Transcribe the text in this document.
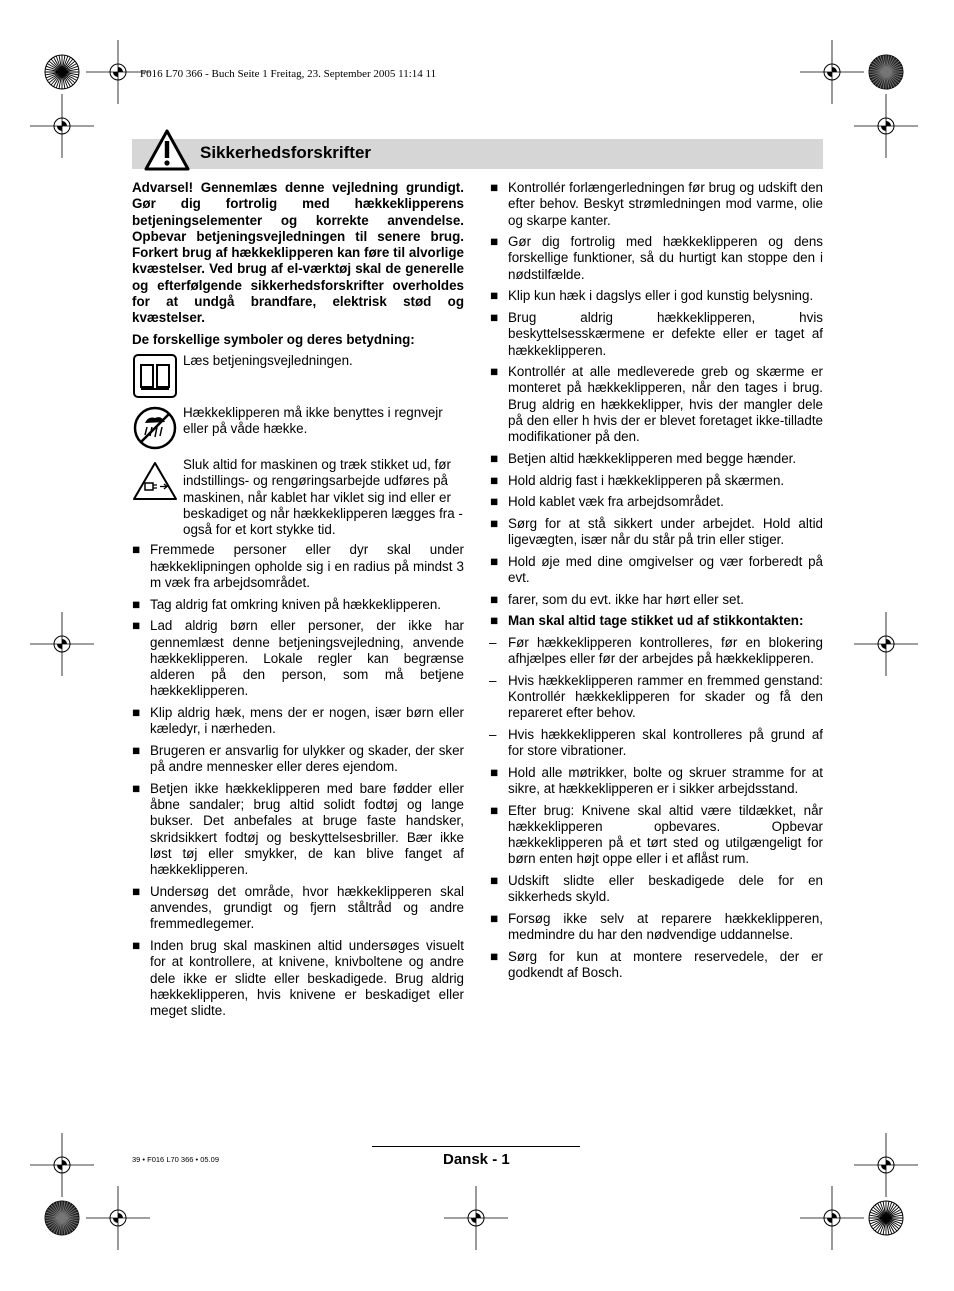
F016 L70 366 - Buch Seite 1 Freitag, 23. September 2005 11:14 11
Sikkerhedsforskrifter

Advarsel! Gennemlæs denne vejledning grundigt. Gør dig fortrolig med hækkeklipperens betjeningselementer og korrekte anvendelse. Opbevar betjeningsvejledningen til senere brug. Forkert brug af hækkeklipperen kan føre til alvorlige kvæstelser. Ved brug af el-værktøj skal de generelle og efterfølgende sikkerhedsforskrifter overholdes for at undgå brandfare, elektrisk stød og kvæstelser.

De forskellige symboler og deres betydning:

Læs betjeningsvejledningen.
Hækkeklipperen må ikke benyttes i regnvejr eller på våde hække.
Sluk altid for maskinen og træk stikket ud, før indstillings- og rengøringsarbejde udføres på maskinen, når kablet har viklet sig ind eller er beskadiget og når hækkeklipperen lægges fra - også for et kort stykke tid.
■ Fremmede personer eller dyr skal under hækkeklipningen opholde sig i en radius på mindst 3 m væk fra arbejdsområdet.
■ Tag aldrig fat omkring kniven på hækkeklipperen.
■ Lad aldrig børn eller personer, der ikke har gennemlæst denne betjeningsvejledning, anvende hækkeklipperen. Lokale regler kan begrænse alderen på den person, som må betjene hækkeklipperen.
■ Klip aldrig hæk, mens der er nogen, især børn eller kæledyr, i nærheden.
■ Brugeren er ansvarlig for ulykker og skader, der sker på andre mennesker eller deres ejendom.
■ Betjen ikke hækkeklipperen med bare fødder eller åbne sandaler; brug altid solidt fodtøj og lange bukser. Det anbefales at bruge faste handsker, skridsikkert fodtøj og beskyttelsesbriller. Bær ikke løst tøj eller smykker, de kan blive fanget af hækkeklipperen.
■ Undersøg det område, hvor hækkeklipperen skal anvendes, grundigt og fjern ståltråd og andre fremmedlegemer.
■ Inden brug skal maskinen altid undersøges visuelt for at kontrollere, at knivene, knivboltene og andre dele ikke er slidte eller beskadigede. Brug aldrig hækkeklipperen, hvis knivene er beskadiget eller meget slidte.
■ Kontrollér forlængerledningen før brug og udskift den efter behov. Beskyt strømledningen mod varme, olie og skarpe kanter.
■ Gør dig fortrolig med hækkeklipperen og dens forskellige funktioner, så du hurtigt kan stoppe den i nødstilfælde.
■ Klip kun hæk i dagslys eller i god kunstig belysning.
■ Brug aldrig hækkeklipperen, hvis beskyttelsesskærmene er defekte eller er taget af hækkeklipperen.
■ Kontrollér at alle medleverede greb og skærme er monteret på hækkeklipperen, når den tages i brug. Brug aldrig en hækkeklipper, hvis der mangler dele på den eller h hvis der er blevet foretaget ikke-tilladte modifikationer på den.
■ Betjen altid hækkeklipperen med begge hænder.
■ Hold aldrig fast i hækkeklipperen på skærmen.
■ Hold kablet væk fra arbejdsområdet.
■ Sørg for at stå sikkert under arbejdet. Hold altid ligevægten, især når du står på trin eller stiger.
■ Hold øje med dine omgivelser og vær forberedt på evt.
■ farer, som du evt. ikke har hørt eller set.
■ Man skal altid tage stikket ud af stikkontakten:
– Før hækkeklipperen kontrolleres, før en blokering afhjælpes eller før der arbejdes på hækkeklipperen.
– Hvis hækkeklipperen rammer en fremmed genstand: Kontrollér hækkeklipperen for skader og få den repareret efter behov.
– Hvis hækkeklipperen skal kontrolleres på grund af for store vibrationer.
■ Hold alle møtrikker, bolte og skruer stramme for at sikre, at hækkeklipperen er i sikker arbejdsstand.
■ Efter brug: Knivene skal altid være tildækket, når hækkeklipperen opbevares. Opbevar hækkeklipperen på et tørt sted og utilgængeligt for børn enten højt oppe eller i et aflåst rum.
■ Udskift slidte eller beskadigede dele for en sikkerheds skyld.
■ Forsøg ikke selv at reparere hækkeklipperen, medmindre du har den nødvendige uddannelse.
■ Sørg for kun at montere reservedele, der er godkendt af Bosch.
39 • F016 L70 366 • 05.09	Dansk - 1
